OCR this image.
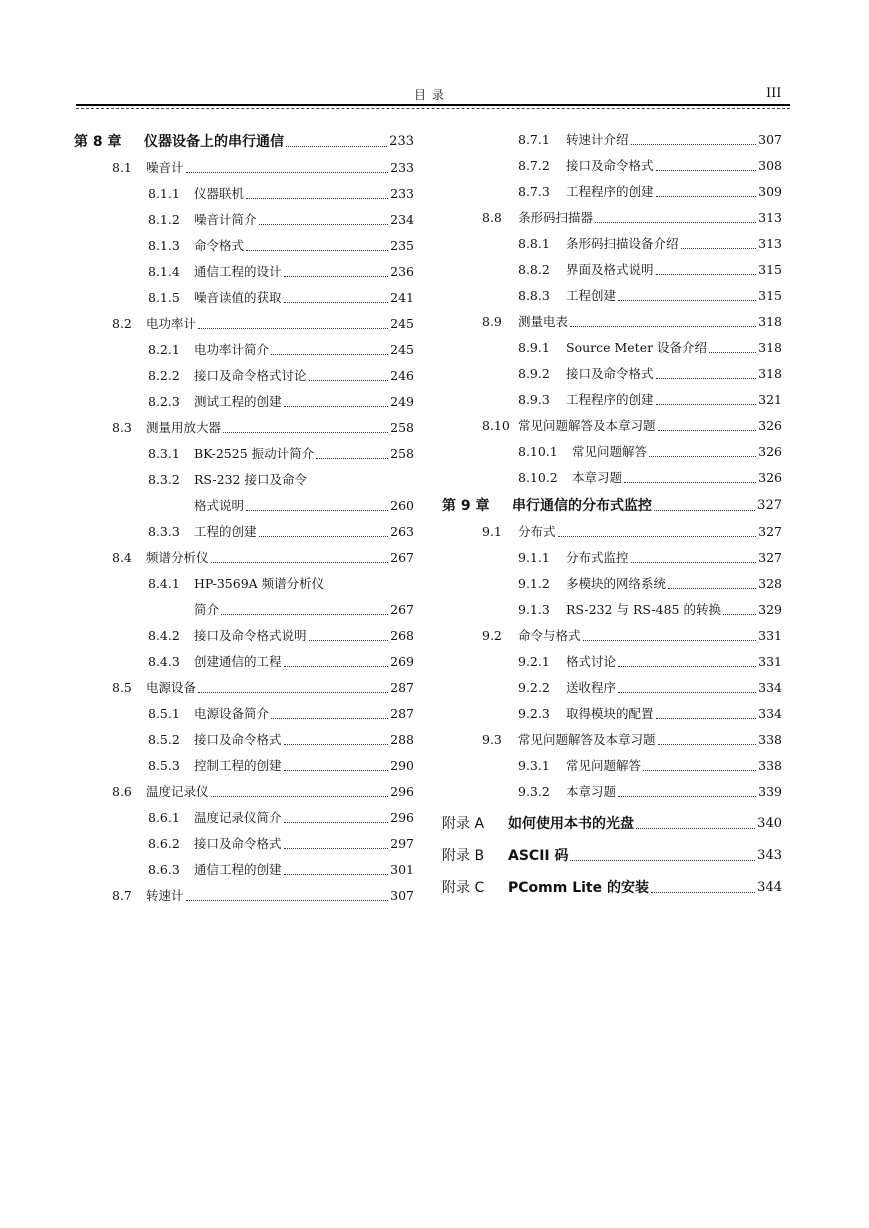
目录	III
第 8 章	仪器设备上的串行通信	233
8.1	噪音计	233
8.1.1	仪器联机	233
8.1.2	噪音计简介	234
8.1.3	命令格式	235
8.1.4	通信工程的设计	236
8.1.5	噪音读值的获取	241
8.2	电功率计	245
8.2.1	电功率计简介	245
8.2.2	接口及命令格式讨论	246
8.2.3	测试工程的创建	249
8.3	测量用放大器	258
8.3.1	BK-2525 振动计简介	258
8.3.2	RS-232 接口及命令
格式说明	260
8.3.3	工程的创建	263
8.4	频谱分析仪	267
8.4.1	HP-3569A 频谱分析仪
简介	267
8.4.2	接口及命令格式说明	268
8.4.3	创建通信的工程	269
8.5	电源设备	287
8.5.1	电源设备简介	287
8.5.2	接口及命令格式	288
8.5.3	控制工程的创建	290
8.6	温度记录仪	296
8.6.1	温度记录仪简介	296
8.6.2	接口及命令格式	297
8.6.3	通信工程的创建	301
8.7	转速计	307
8.7.1	转速计介绍	307
8.7.2	接口及命令格式	308
8.7.3	工程程序的创建	309
8.8	条形码扫描器	313
8.8.1	条形码扫描设备介绍	313
8.8.2	界面及格式说明	315
8.8.3	工程创建	315
8.9	测量电表	318
8.9.1	Source Meter 设备介绍	318
8.9.2	接口及命令格式	318
8.9.3	工程程序的创建	321
8.10 常见问题解答及本章习题	326
8.10.1	常见问题解答	326
8.10.2	本章习题	326
第 9 章	串行通信的分布式监控	327
9.1	分布式	327
9.1.1	分布式监控	327
9.1.2	多模块的网络系统	328
9.1.3	RS-232 与 RS-485 的转换	329
9.2	命令与格式	331
9.2.1	格式讨论	331
9.2.2	送收程序	334
9.2.3	取得模块的配置	334
9.3	常见问题解答及本章习题	338
9.3.1	常见问题解答	338
9.3.2	本章习题	339
附录 A	如何使用本书的光盘	340
附录 B	ASCII 码	343
附录 C	PComm Lite 的安装	344
